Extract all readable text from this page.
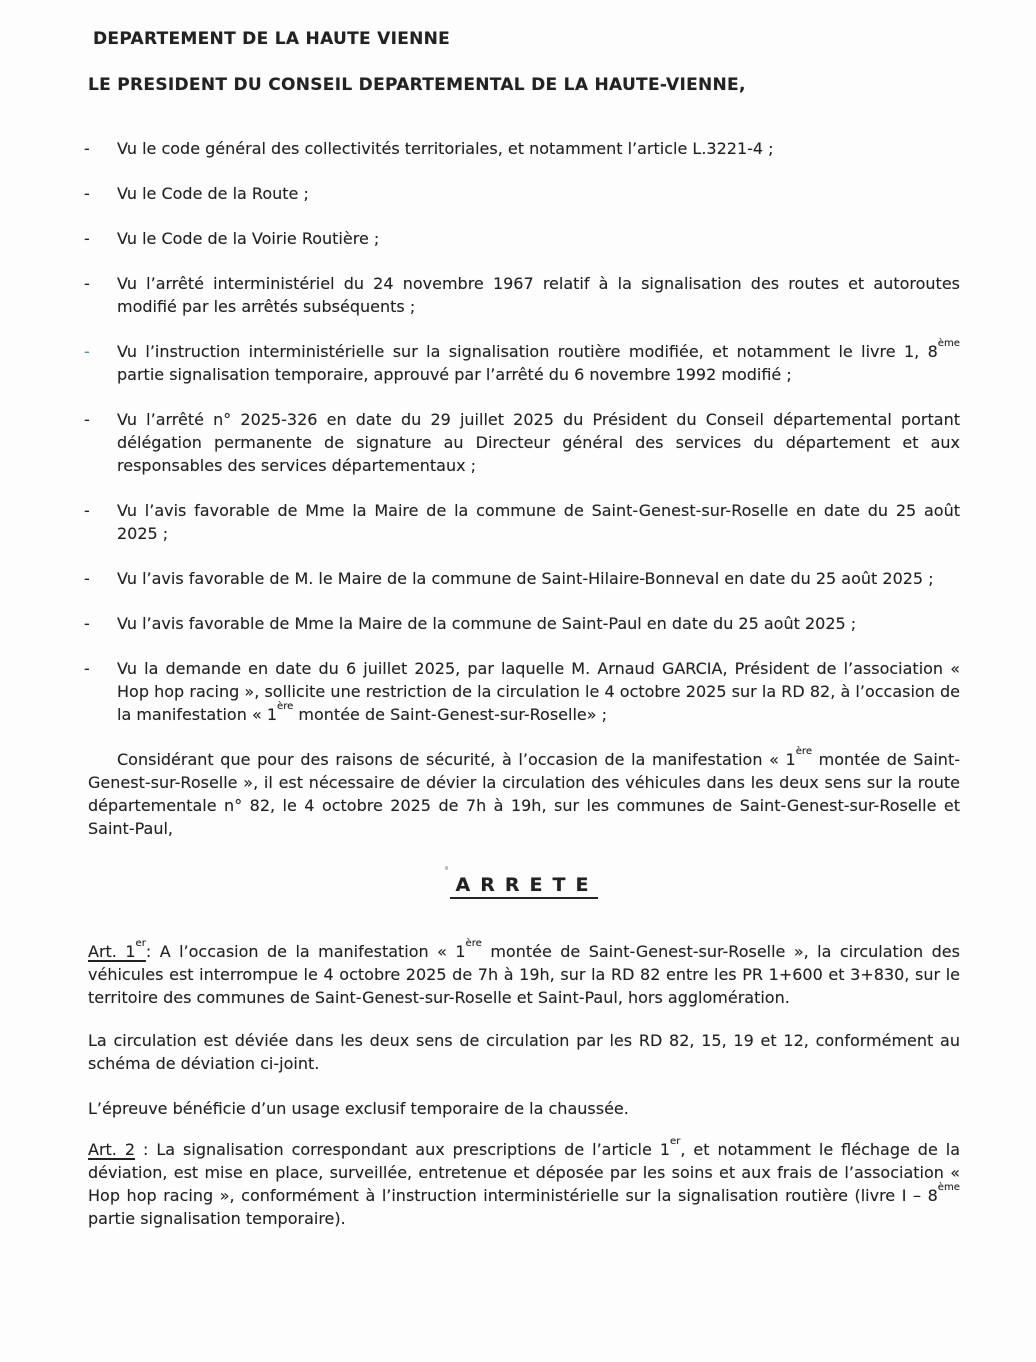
DEPARTEMENT DE LA HAUTE VIENNE
LE PRESIDENT DU CONSEIL DEPARTEMENTAL DE LA HAUTE-VIENNE,
- Vu le code général des collectivités territoriales, et notamment l’article L.3221-4 ;
- Vu le Code de la Route ;
- Vu le Code de la Voirie Routière ;
- Vu l’arrêté interministériel du 24 novembre 1967 relatif à la signalisation des routes et autoroutes modifié par les arrêtés subséquents ;
- Vu l’instruction interministérielle sur la signalisation routière modifiée, et notamment le livre 1, 8ème partie signalisation temporaire, approuvé par l’arrêté du 6 novembre 1992 modifié ;
- Vu l’arrêté n° 2025-326 en date du 29 juillet 2025 du Président du Conseil départemental portant délégation permanente de signature au Directeur général des services du département et aux responsables des services départementaux ;
- Vu l’avis favorable de Mme la Maire de la commune de Saint-Genest-sur-Roselle en date du 25 août 2025 ;
- Vu l’avis favorable de M. le Maire de la commune de Saint-Hilaire-Bonneval en date du 25 août 2025 ;
- Vu l’avis favorable de Mme la Maire de la commune de Saint-Paul en date du 25 août 2025 ;
- Vu la demande en date du 6 juillet 2025, par laquelle M. Arnaud GARCIA, Président de l’association « Hop hop racing », sollicite une restriction de la circulation le 4 octobre 2025 sur la RD 82, à l’occasion de la manifestation « 1ère montée de Saint-Genest-sur-Roselle» ;

Considérant que pour des raisons de sécurité, à l’occasion de la manifestation « 1ère montée de Saint-Genest-sur-Roselle », il est nécessaire de dévier la circulation des véhicules dans les deux sens sur la route départementale n° 82, le 4 octobre 2025 de 7h à 19h, sur les communes de Saint-Genest-sur-Roselle et Saint-Paul,

ARRETE

Art. 1er: A l’occasion de la manifestation « 1ère montée de Saint-Genest-sur-Roselle », la circulation des véhicules est interrompue le 4 octobre 2025 de 7h à 19h, sur la RD 82 entre les PR 1+600 et 3+830, sur le territoire des communes de Saint-Genest-sur-Roselle et Saint-Paul, hors agglomération.

La circulation est déviée dans les deux sens de circulation par les RD 82, 15, 19 et 12, conformément au schéma de déviation ci-joint.

L’épreuve bénéficie d’un usage exclusif temporaire de la chaussée.

Art. 2 : La signalisation correspondant aux prescriptions de l’article 1er, et notamment le fléchage de la déviation, est mise en place, surveillée, entretenue et déposée par les soins et aux frais de l’association « Hop hop racing », conformément à l’instruction interministérielle sur la signalisation routière (livre I – 8ème partie signalisation temporaire).
